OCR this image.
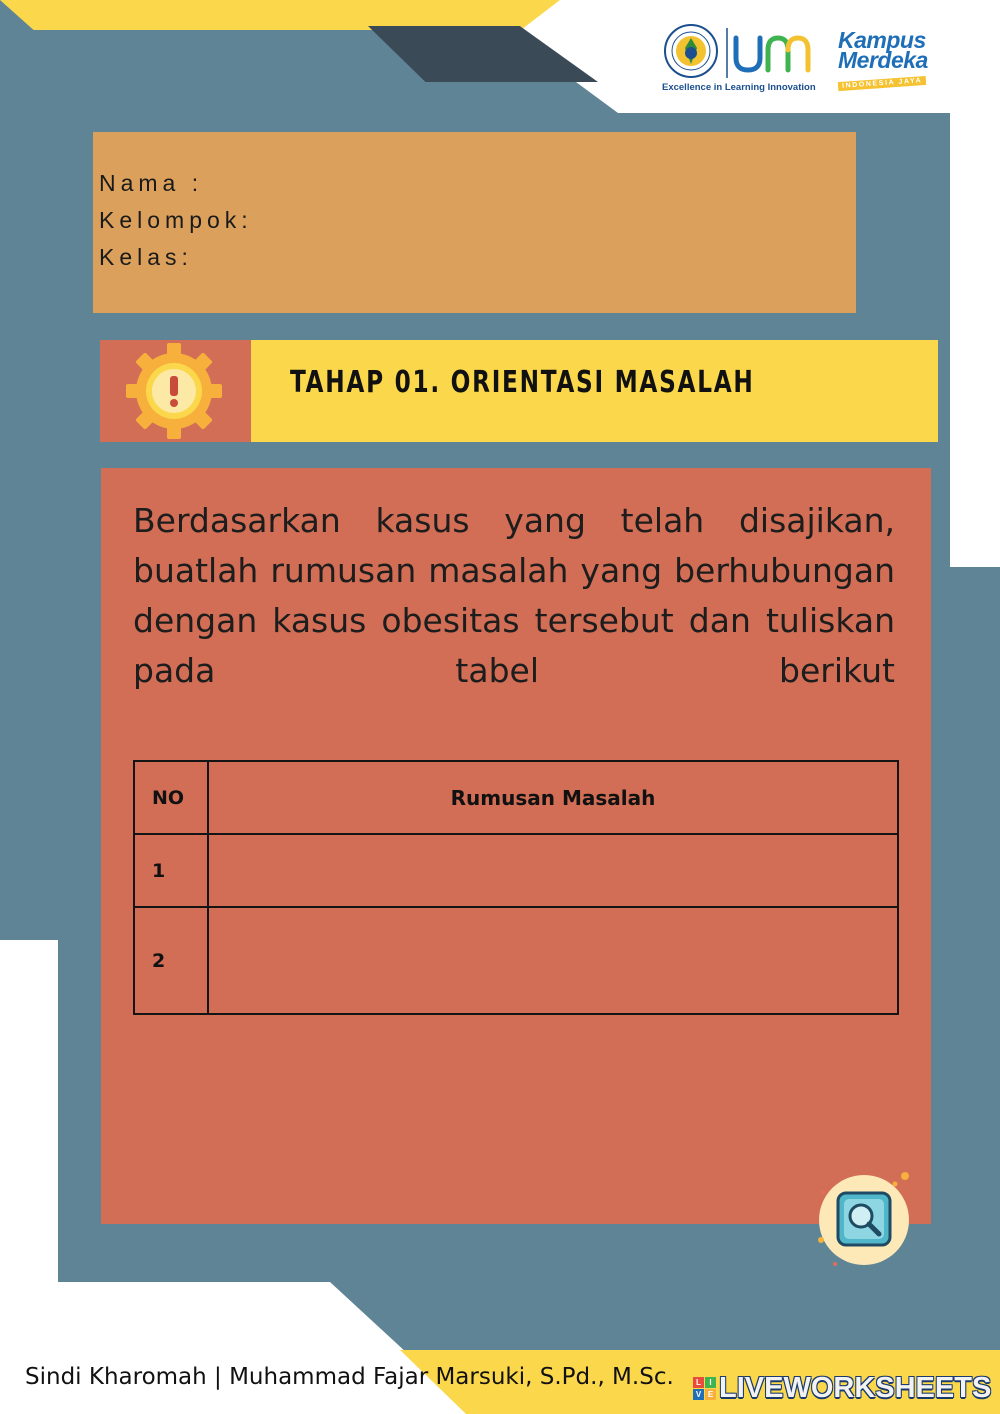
Excellence in Learning Innovation
Kampus
Merdeka
INDONESIA JAYA
Nama :
Kelompok:
Kelas:
TAHAP 01. ORIENTASI MASALAH
Berdasarkan kasus yang telah disajikan, buatlah rumusan masalah yang berhubungan dengan kasus obesitas tersebut dan tuliskan pada tabel berikut
NO	Rumusan Masalah
1	
2	
Sindi Kharomah | Muhammad Fajar Marsuki, S.Pd., M.Sc.	L	I
V E LIVEWORKSHEETS
